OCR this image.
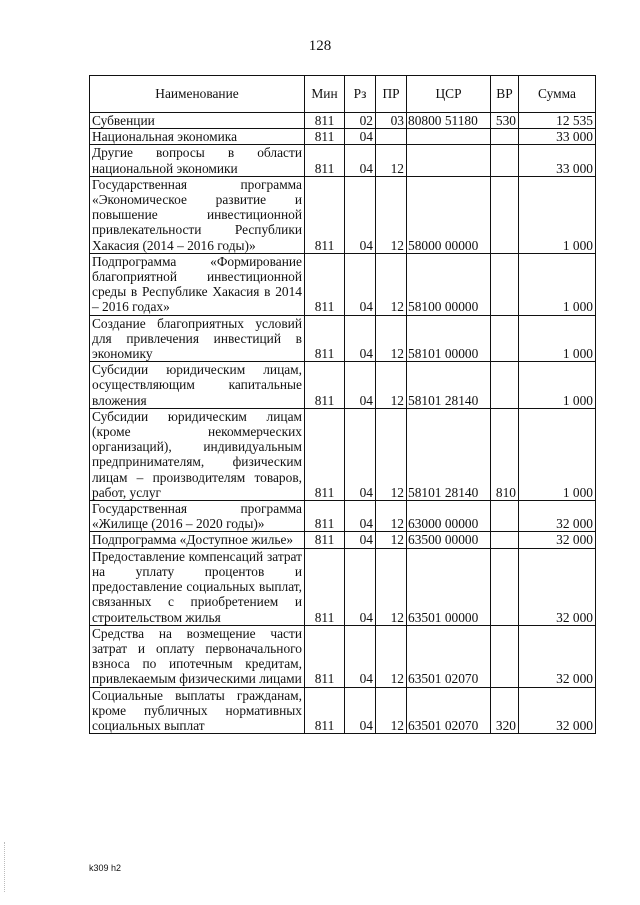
128
Наименование	Мин	Рз	ПР	ЦСР	ВР	Сумма
Субвенции	811	02	03	80800 51180	530	12 535
Национальная экономика	811	04				33 000
Другие вопросы в области национальной экономики	811	04	12			33 000
Государственная программа «Экономическое развитие и повышение инвестиционной привлекательности Республики Хакасия (2014 – 2016 годы)»	811	04	12	58000 00000		1 000
Подпрограмма «Формирование благоприятной инвестиционной среды в Республике Хакасия в 2014 – 2016 годах»	811	04	12	58100 00000		1 000
Создание благоприятных условий для привлечения инвестиций в экономику	811	04	12	58101 00000		1 000
Субсидии юридическим лицам, осуществляющим капитальные вложения	811	04	12	58101 28140		1 000
Субсидии юридическим лицам (кроме некоммерческих организаций), индивидуальным предпринимателям, физическим лицам – производителям товаров, работ, услуг	811	04	12	58101 28140	810	1 000
Государственная программа «Жилище (2016 – 2020 годы)»	811	04	12	63000 00000		32 000
Подпрограмма «Доступное жилье»	811	04	12	63500 00000		32 000
Предоставление компенсаций затрат на уплату процентов и предоставление социальных выплат, связанных с приобретением и строительством жилья	811	04	12	63501 00000		32 000
Средства на возмещение части затрат и оплату первоначального взноса по ипотечным кредитам, привлекаемым физическими лицами	811	04	12	63501 02070		32 000
Социальные выплаты гражданам, кроме публичных нормативных социальных выплат	811	04	12	63501 02070	320	32 000
k309 h2
